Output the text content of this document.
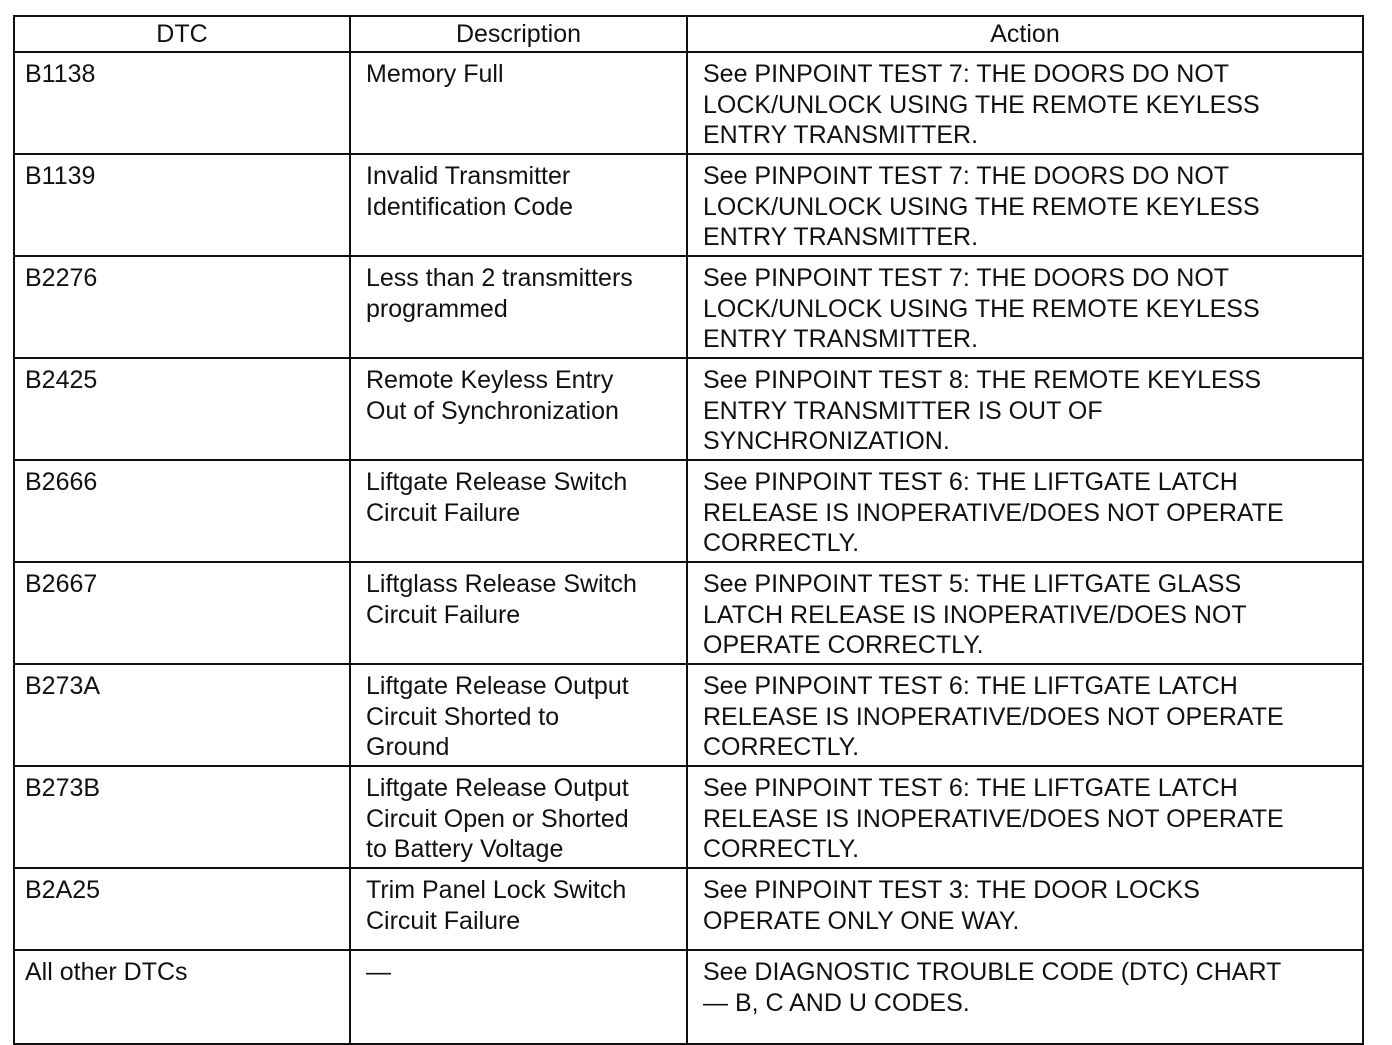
DTC	Description	Action
B1138	Memory Full	See PINPOINT TEST 7: THE DOORS DO NOT
LOCK/UNLOCK USING THE REMOTE KEYLESS
ENTRY TRANSMITTER.
B1139	Invalid Transmitter
Identification Code	See PINPOINT TEST 7: THE DOORS DO NOT
LOCK/UNLOCK USING THE REMOTE KEYLESS
ENTRY TRANSMITTER.
B2276	Less than 2 transmitters
programmed	See PINPOINT TEST 7: THE DOORS DO NOT
LOCK/UNLOCK USING THE REMOTE KEYLESS
ENTRY TRANSMITTER.
B2425	Remote Keyless Entry
Out of Synchronization	See PINPOINT TEST 8: THE REMOTE KEYLESS
ENTRY TRANSMITTER IS OUT OF
SYNCHRONIZATION.
B2666	Liftgate Release Switch
Circuit Failure	See PINPOINT TEST 6: THE LIFTGATE LATCH
RELEASE IS INOPERATIVE/DOES NOT OPERATE
CORRECTLY.
B2667	Liftglass Release Switch
Circuit Failure	See PINPOINT TEST 5: THE LIFTGATE GLASS
LATCH RELEASE IS INOPERATIVE/DOES NOT
OPERATE CORRECTLY.
B273A	Liftgate Release Output
Circuit Shorted to
Ground	See PINPOINT TEST 6: THE LIFTGATE LATCH
RELEASE IS INOPERATIVE/DOES NOT OPERATE
CORRECTLY.
B273B	Liftgate Release Output
Circuit Open or Shorted
to Battery Voltage	See PINPOINT TEST 6: THE LIFTGATE LATCH
RELEASE IS INOPERATIVE/DOES NOT OPERATE
CORRECTLY.
B2A25	Trim Panel Lock Switch
Circuit Failure	See PINPOINT TEST 3: THE DOOR LOCKS
OPERATE ONLY ONE WAY.
All other DTCs	—	See DIAGNOSTIC TROUBLE CODE (DTC) CHART
— B, C AND U CODES.
